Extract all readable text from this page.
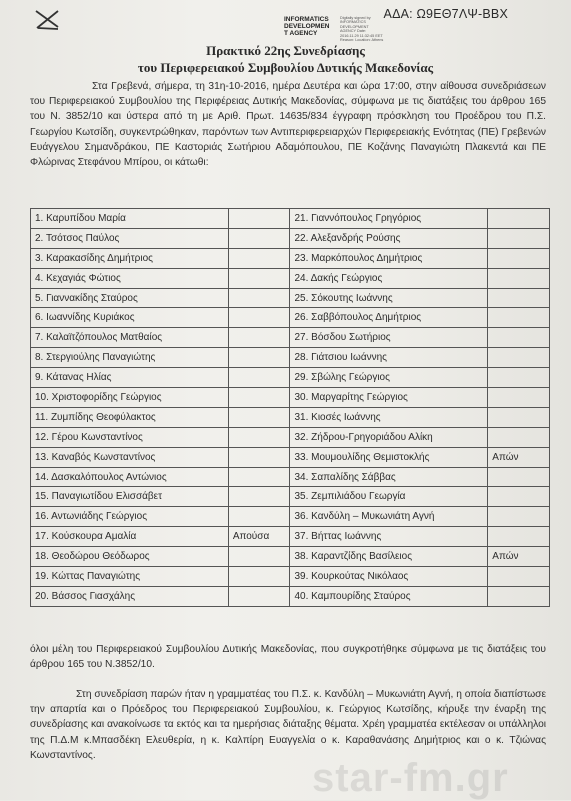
INFORMATICS
DEVELOPMEN
T AGENCY
Digitally signed by INFORMATICS DEVELOPMENT AGENCY Date: 2016.11.29 11:32:45 EET Reason: Location: Athens
ΑΔΑ: Ω9ΕΘ7ΛΨ-ΒΒΧ
Πρακτικό 22ης Συνεδρίασης
του Περιφερειακού Συμβουλίου Δυτικής Μακεδονίας
Στα Γρεβενά, σήμερα, τη 31η-10-2016, ημέρα Δευτέρα και ώρα 17:00, στην αίθουσα συνεδριάσεων του Περιφερειακού Συμβουλίου της Περιφέρειας Δυτικής Μακεδονίας, σύμφωνα με τις διατάξεις του άρθρου 165 του Ν. 3852/10 και ύστερα από τη με Αριθ. Πρωτ. 14635/834 έγγραφη πρόσκληση του Προέδρου του Π.Σ. Γεωργίου Κωτσίδη, συγκεντρώθηκαν, παρόντων των Αντιπεριφερειαρχών Περιφερειακής Ενότητας (ΠΕ) Γρεβενών Ευάγγελου Σημανδράκου, ΠΕ Καστοριάς Σωτήριου Αδαμόπουλου, ΠΕ Κοζάνης Παναγιώτη Πλακεντά και ΠΕ Φλώρινας Στεφάνου Μπίρου, οι κάτωθι:
1. Καρυπίδου Μαρία		21. Γιαννόπουλος Γρηγόριος	
2. Τσότσος Παύλος		22. Αλεξανδρής Ρούσης	
3. Καρακασίδης Δημήτριος		23. Μαρκόπουλος Δημήτριος	
4. Κεχαγιάς Φώτιος		24. Δακής Γεώργιος	
5. Γιαννακίδης Σταύρος		25. Σόκουτης Ιωάννης	
6. Ιωαννίδης Κυριάκος		26. Σαββόπουλος Δημήτριος	
7. Καλαϊτζόπουλος Ματθαίος		27. Βόσδου Σωτήριος	
8. Στεργιούλης Παναγιώτης		28. Γιάτσιου Ιωάννης	
9. Κάτανας Ηλίας		29. Σβώλης Γεώργιος	
10. Χριστοφορίδης Γεώργιος		30. Μαργαρίτης Γεώργιος	
11. Ζυμπίδης Θεοφύλακτος		31. Κιοσές Ιωάννης	
12. Γέρου Κωνσταντίνος		32. Ζήδρου-Γρηγοριάδου Αλίκη	
13. Καναβός Κωνσταντίνος		33. Μουμουλίδης Θεμιστοκλής	Απών
14. Δασκαλόπουλος Αντώνιος		34. Σαπαλίδης Σάββας	
15. Παναγιωτίδου Ελισσάβετ		35. Ζεμπιλιάδου Γεωργία	
16. Αντωνιάδης Γεώργιος		36. Κανδύλη – Μυκωνιάτη Αγνή	
17. Κούσκουρα Αμαλία	Απούσα	37. Βήττας Ιωάννης	
18. Θεοδώρου Θεόδωρος		38. Καραντζίδης Βασίλειος	Απών
19. Κώττας Παναγιώτης		39. Κουρκούτας Νικόλαος	
20. Βάσσος Γιασχάλης		40. Καμπουρίδης Σταύρος	
όλοι μέλη του Περιφερειακού Συμβουλίου Δυτικής Μακεδονίας, που συγκροτήθηκε σύμφωνα με τις διατάξεις του άρθρου 165 του Ν.3852/10.
Στη συνεδρίαση παρών ήταν η γραμματέας του Π.Σ. κ. Κανδύλη – Μυκωνιάτη Αγνή, η οποία διαπίστωσε την απαρτία και ο Πρόεδρος του Περιφερειακού Συμβουλίου, κ. Γεώργιος Κωτσίδης, κήρυξε την έναρξη της συνεδρίασης και ανακοίνωσε τα εκτός και τα ημερήσιας διάταξης θέματα. Χρέη γραμματέα εκτέλεσαν οι υπάλληλοι της Π.Δ.Μ κ.Μπασδέκη Ελευθερία, η κ. Καλπίρη Ευαγγελία ο κ. Καραθανάσης Δημήτριος και ο κ. Τζιώνας Κωνσταντίνος.
star-fm.gr
